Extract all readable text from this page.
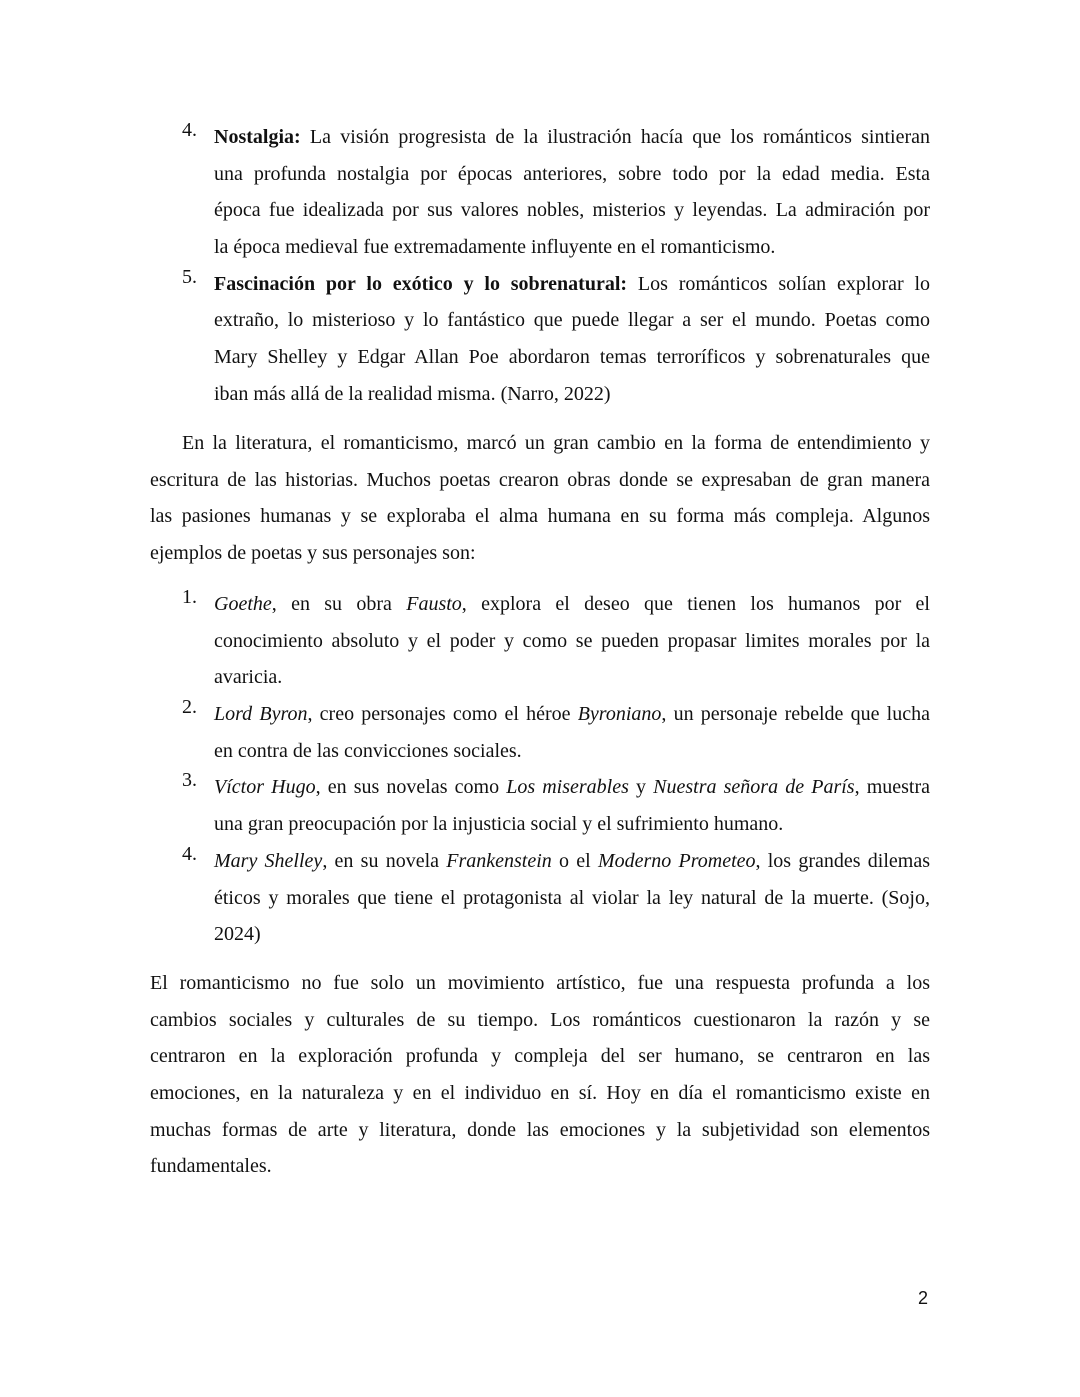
4. Nostalgia: La visión progresista de la ilustración hacía que los románticos sintieran
una profunda nostalgia por épocas anteriores, sobre todo por la edad media. Esta
época fue idealizada por sus valores nobles, misterios y leyendas. La admiración por
la época medieval fue extremadamente influyente en el romanticismo.
5. Fascinación por lo exótico y lo sobrenatural: Los románticos solían explorar lo
extraño, lo misterioso y lo fantástico que puede llegar a ser el mundo. Poetas como
Mary Shelley y Edgar Allan Poe abordaron temas terroríficos y sobrenaturales que
iban más allá de la realidad misma. (Narro, 2022)
En la literatura, el romanticismo, marcó un gran cambio en la forma de entendimiento y
escritura de las historias. Muchos poetas crearon obras donde se expresaban de gran manera
las pasiones humanas y se exploraba el alma humana en su forma más compleja. Algunos
ejemplos de poetas y sus personajes son:
1. Goethe, en su obra Fausto, explora el deseo que tienen los humanos por el
conocimiento absoluto y el poder y como se pueden propasar limites morales por la
avaricia.
2. Lord Byron, creo personajes como el héroe Byroniano, un personaje rebelde que lucha
en contra de las convicciones sociales.
3. Víctor Hugo, en sus novelas como Los miserables y Nuestra señora de París, muestra
una gran preocupación por la injusticia social y el sufrimiento humano.
4. Mary Shelley, en su novela Frankenstein o el Moderno Prometeo, los grandes dilemas
éticos y morales que tiene el protagonista al violar la ley natural de la muerte. (Sojo,
2024)
El romanticismo no fue solo un movimiento artístico, fue una respuesta profunda a los
cambios sociales y culturales de su tiempo. Los románticos cuestionaron la razón y se
centraron en la exploración profunda y compleja del ser humano, se centraron en las
emociones, en la naturaleza y en el individuo en sí. Hoy en día el romanticismo existe en
muchas formas de arte y literatura, donde las emociones y la subjetividad son elementos
fundamentales.
2
